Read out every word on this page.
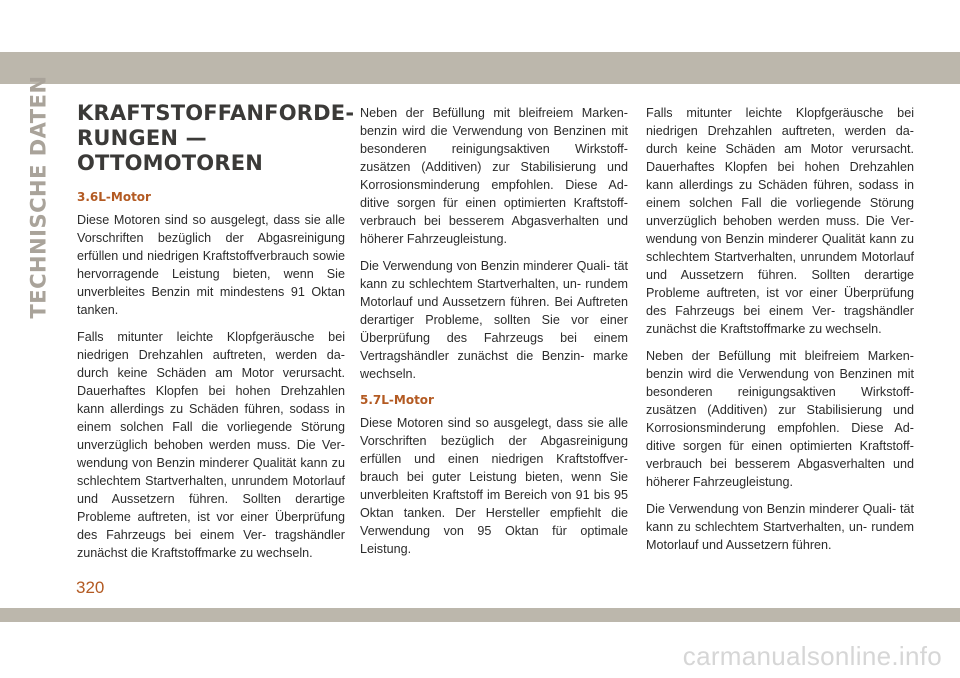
TECHNISCHE DATEN KRAFTSTOFFANFORDE-
RUNGEN —
OTTOMOTOREN
3.6L-Motor

Diese Motoren sind so ausgelegt, dass sie alle Vorschriften bezüglich der Abgasreinigung erfüllen und niedrigen Kraftstoffverbrauch sowie hervorragende Leistung bieten, wenn Sie unverbleites Benzin mit mindestens 91 Oktan tanken.

Falls mitunter leichte Klopfgeräusche bei niedrigen Drehzahlen auftreten, werden da- durch keine Schäden am Motor verursacht. Dauerhaftes Klopfen bei hohen Drehzahlen kann allerdings zu Schäden führen, sodass in einem solchen Fall die vorliegende Störung unverzüglich behoben werden muss. Die Ver- wendung von Benzin minderer Qualität kann zu schlechtem Startverhalten, unrundem Motorlauf und Aussetzern führen. Sollten derartige Probleme auftreten, ist vor einer Überprüfung des Fahrzeugs bei einem Ver- tragshändler zunächst die Kraftstoffmarke zu wechseln.

Neben der Befüllung mit bleifreiem Marken- benzin wird die Verwendung von Benzinen mit besonderen reinigungsaktiven Wirkstoff- zusätzen (Additiven) zur Stabilisierung und Korrosionsminderung empfohlen. Diese Ad- ditive sorgen für einen optimierten Kraftstoff- verbrauch bei besserem Abgasverhalten und höherer Fahrzeugleistung.

Die Verwendung von Benzin minderer Quali- tät kann zu schlechtem Startverhalten, un- rundem Motorlauf und Aussetzern führen. Bei Auftreten derartiger Probleme, sollten Sie vor einer Überprüfung des Fahrzeugs bei einem Vertragshändler zunächst die Benzin- marke wechseln.

5.7L-Motor

Diese Motoren sind so ausgelegt, dass sie alle Vorschriften bezüglich der Abgasreinigung erfüllen und einen niedrigen Kraftstoffver- brauch bei guter Leistung bieten, wenn Sie unverbleiten Kraftstoff im Bereich von 91 bis 95 Oktan tanken. Der Hersteller empfiehlt die Verwendung von 95 Oktan für optimale Leistung.

Falls mitunter leichte Klopfgeräusche bei niedrigen Drehzahlen auftreten, werden da- durch keine Schäden am Motor verursacht. Dauerhaftes Klopfen bei hohen Drehzahlen kann allerdings zu Schäden führen, sodass in einem solchen Fall die vorliegende Störung unverzüglich behoben werden muss. Die Ver- wendung von Benzin minderer Qualität kann zu schlechtem Startverhalten, unrundem Motorlauf und Aussetzern führen. Sollten derartige Probleme auftreten, ist vor einer Überprüfung des Fahrzeugs bei einem Ver- tragshändler zunächst die Kraftstoffmarke zu wechseln.

Neben der Befüllung mit bleifreiem Marken- benzin wird die Verwendung von Benzinen mit besonderen reinigungsaktiven Wirkstoff- zusätzen (Additiven) zur Stabilisierung und Korrosionsminderung empfohlen. Diese Ad- ditive sorgen für einen optimierten Kraftstoff- verbrauch bei besserem Abgasverhalten und höherer Fahrzeugleistung.

Die Verwendung von Benzin minderer Quali- tät kann zu schlechtem Startverhalten, un- rundem Motorlauf und Aussetzern führen.

320
carmanualsonline.info
